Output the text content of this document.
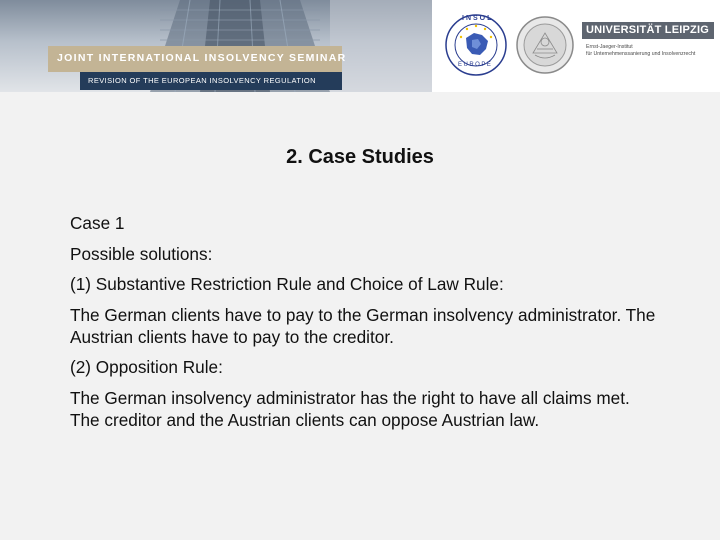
JOINT INTERNATIONAL INSOLVENCY SEMINAR
REVISION OF THE EUROPEAN INSOLVENCY REGULATION
INSOL
EUROPE
UNIVERSITÄT LEIPZIG
Ernst-Jaeger-Institut
für Unternehmenssanierung und Insolvenzrecht
2. Case Studies

Case 1

Possible solutions:

(1) Substantive Restriction Rule and Choice of Law Rule:

The German clients have to pay to the German insolvency administrator. The Austrian clients have to pay to the creditor.

(2) Opposition Rule:

The German insolvency administrator has the right to have all claims met. The creditor and the Austrian clients can oppose Austrian law.
